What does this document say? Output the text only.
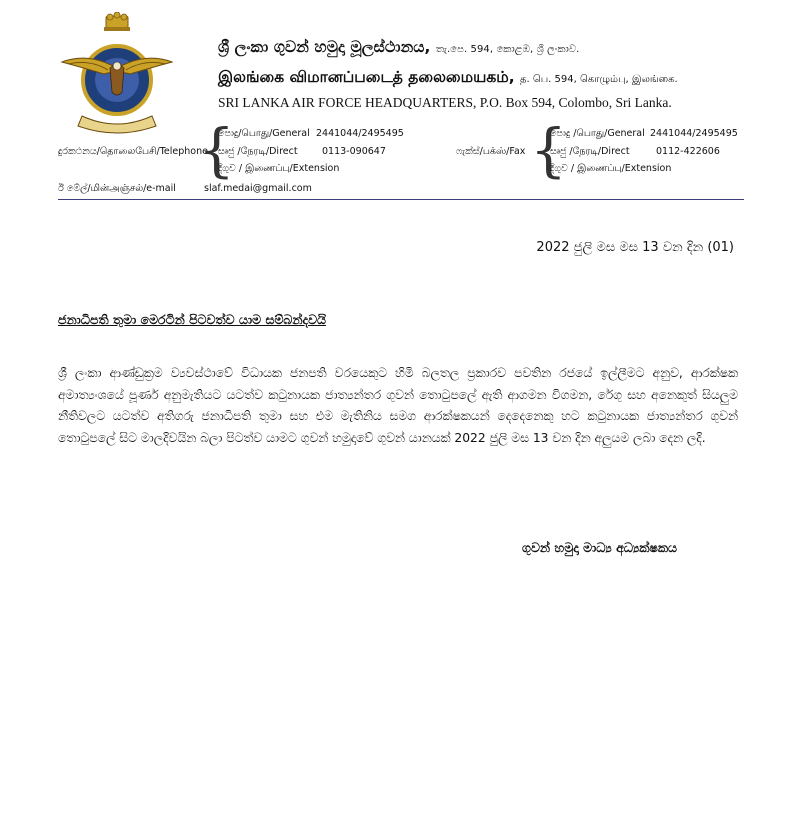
ශ්‍රී ලංකා ගුවන් හමුදා මූලස්ථානය, තැ.පෙ. 594, කොළඹ, ශ්‍රී ලංකාව.
இலங்கை விமானப்படைத் தலைமையகம், த. பெ. 594, கொழும்பு, இலங்கை.
SRI LANKA AIR FORCE HEADQUARTERS, P.O. Box 594, Colombo, Sri Lanka.
දුරකථනය/தொலைபேசி/Telephone
{
පොදු/பொது/General 2441044/2495495
සෘජු /நேரடி/Direct	0113-090647
දිගුව / இணைப்பு/Extension
ෆැක්ස්/பக்ஸ்/Fax {
පොදු /பொது/General 2441044/2495495
සෘජු /நேரடி/Direct	0112-422606
දිගුව / இணைப்பு/Extension
ඊ මේල්/மின்அஞ்சல்/e-mail	slaf.medai@gmail.com
2022 ජුලි මස මස 13 වන දින (01)
ජනාධිපති තුමා මෙරටින් පිටවත්ව යාම සම්බන්දවයි
ශ්‍රී ලංකා ආණ්ඩුක්‍රම ව්‍යවස්ථාවේ විධායක ජනපති වරයෙකුට හිමි බලතල ප්‍රකාරව පවතින රජයේ ඉල්ලීමට අනුව, ආරක්ෂක අමාත්‍යංශයේ පූර්ණ අනුමැතියට යටත්ව කටුනායක ජාත්‍යන්තර ගුවන් තොටුපලේ ඇති ආගමන විගමන, රේගු සහ අනෙකුත් සියලුම නීතිවලට යටත්ව අතිගරු ජනාධිපති තුමා සහ එම මැතිනිය සමග ආරක්ෂකයන් දෙදෙනෙකු හට කටුනායක ජාත්‍යන්තර ගුවන් තොටුපලේ සිට මාලදිවයින බලා පිටත්ව යාමට ගුවන් හමුදාවේ ගුවන් යානයක් 2022 ජුලි මස 13 වන දින අලුයම ලබා දෙන ලදි.
ගුවන් හමුදා මාධ්‍ය අධ්‍යක්ෂකය
